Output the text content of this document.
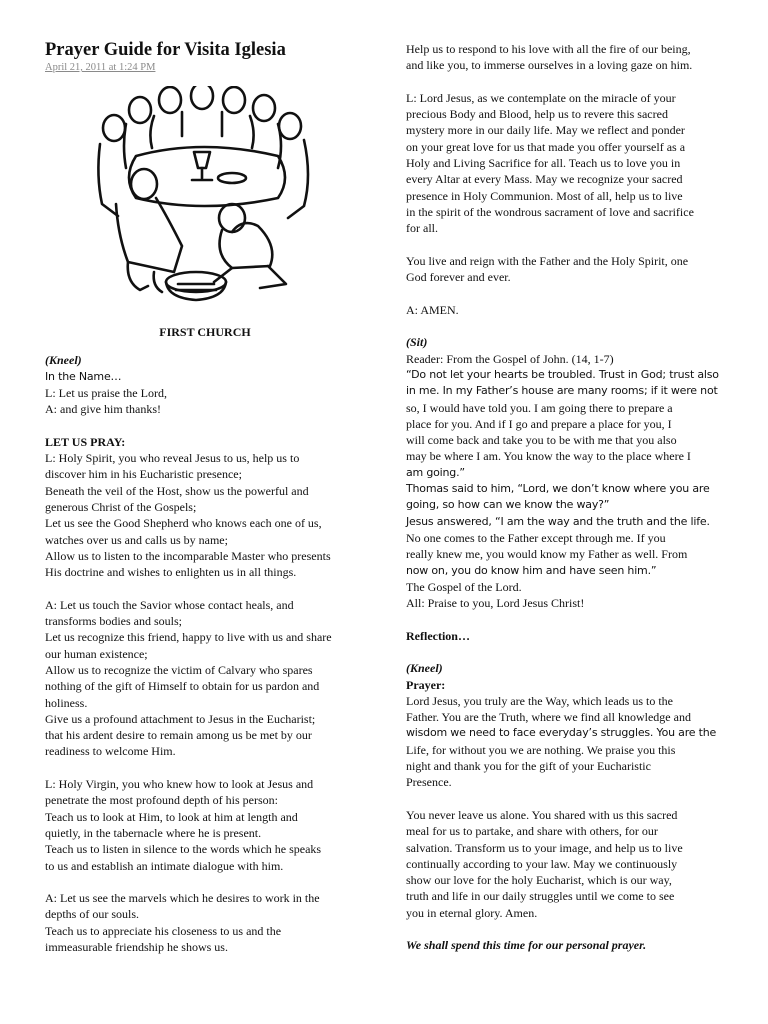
Prayer Guide for Visita Iglesia
April 21, 2011 at 1:24 PM

FIRST CHURCH

(Kneel)

In the Name…

L: Let us praise the Lord,

A: and give him thanks!

LET US PRAY:

L: Holy Spirit, you who reveal Jesus to us, help us to

discover him in his Eucharistic presence;

Beneath the veil of the Host, show us the powerful and

generous Christ of the Gospels;

Let us see the Good Shepherd who knows each one of us,

watches over us and calls us by name;

Allow us to listen to the incomparable Master who presents

His doctrine and wishes to enlighten us in all things.

A: Let us touch the Savior whose contact heals, and

transforms bodies and souls;

Let us recognize this friend, happy to live with us and share

our human existence;

Allow us to recognize the victim of Calvary who spares

nothing of the gift of Himself to obtain for us pardon and

holiness.

Give us a profound attachment to Jesus in the Eucharist;

that his ardent desire to remain among us be met by our

readiness to welcome Him.

L: Holy Virgin, you who knew how to look at Jesus and

penetrate the most profound depth of his person:

Teach us to look at Him, to look at him at length and

quietly, in the tabernacle where he is present.

Teach us to listen in silence to the words which he speaks

to us and establish an intimate dialogue with him.

A: Let us see the marvels which he desires to work in the

depths of our souls.

Teach us to appreciate his closeness to us and the

immeasurable friendship he shows us.

Help us to respond to his love with all the fire of our being,

and like you, to immerse ourselves in a loving gaze on him.

L: Lord Jesus, as we contemplate on the miracle of your

precious Body and Blood, help us to revere this sacred

mystery more in our daily life. May we reflect and ponder

on your great love for us that made you offer yourself as a

Holy and Living Sacrifice for all. Teach us to love you in

every Altar at every Mass. May we recognize your sacred

presence in Holy Communion. Most of all, help us to live

in the spirit of the wondrous sacrament of love and sacrifice

for all.

You live and reign with the Father and the Holy Spirit, one

God forever and ever.

A: AMEN.

(Sit)

Reader: From the Gospel of John. (14, 1-7)

“Do not let your hearts be troubled. Trust in God; trust also

in me. In my Father’s house are many rooms; if it were not

so, I would have told you. I am going there to prepare a

place for you. And if I go and prepare a place for you, I

will come back and take you to be with me that you also

may be where I am. You know the way to the place where I

am going.”

Thomas said to him, “Lord, we don’t know where you are

going, so how can we know the way?”

Jesus answered, “I am the way and the truth and the life.

No one comes to the Father except through me. If you

really knew me, you would know my Father as well. From

now on, you do know him and have seen him.”

The Gospel of the Lord.

All: Praise to you, Lord Jesus Christ!

Reflection…

(Kneel)

Prayer:

Lord Jesus, you truly are the Way, which leads us to the

Father. You are the Truth, where we find all knowledge and

wisdom we need to face everyday’s struggles. You are the

Life, for without you we are nothing. We praise you this

night and thank you for the gift of your Eucharistic

Presence.

You never leave us alone. You shared with us this sacred

meal for us to partake, and share with others, for our

salvation. Transform us to your image, and help us to live

continually according to your law. May we continuously

show our love for the holy Eucharist, which is our way,

truth and life in our daily struggles until we come to see

you in eternal glory. Amen.

We shall spend this time for our personal prayer.
